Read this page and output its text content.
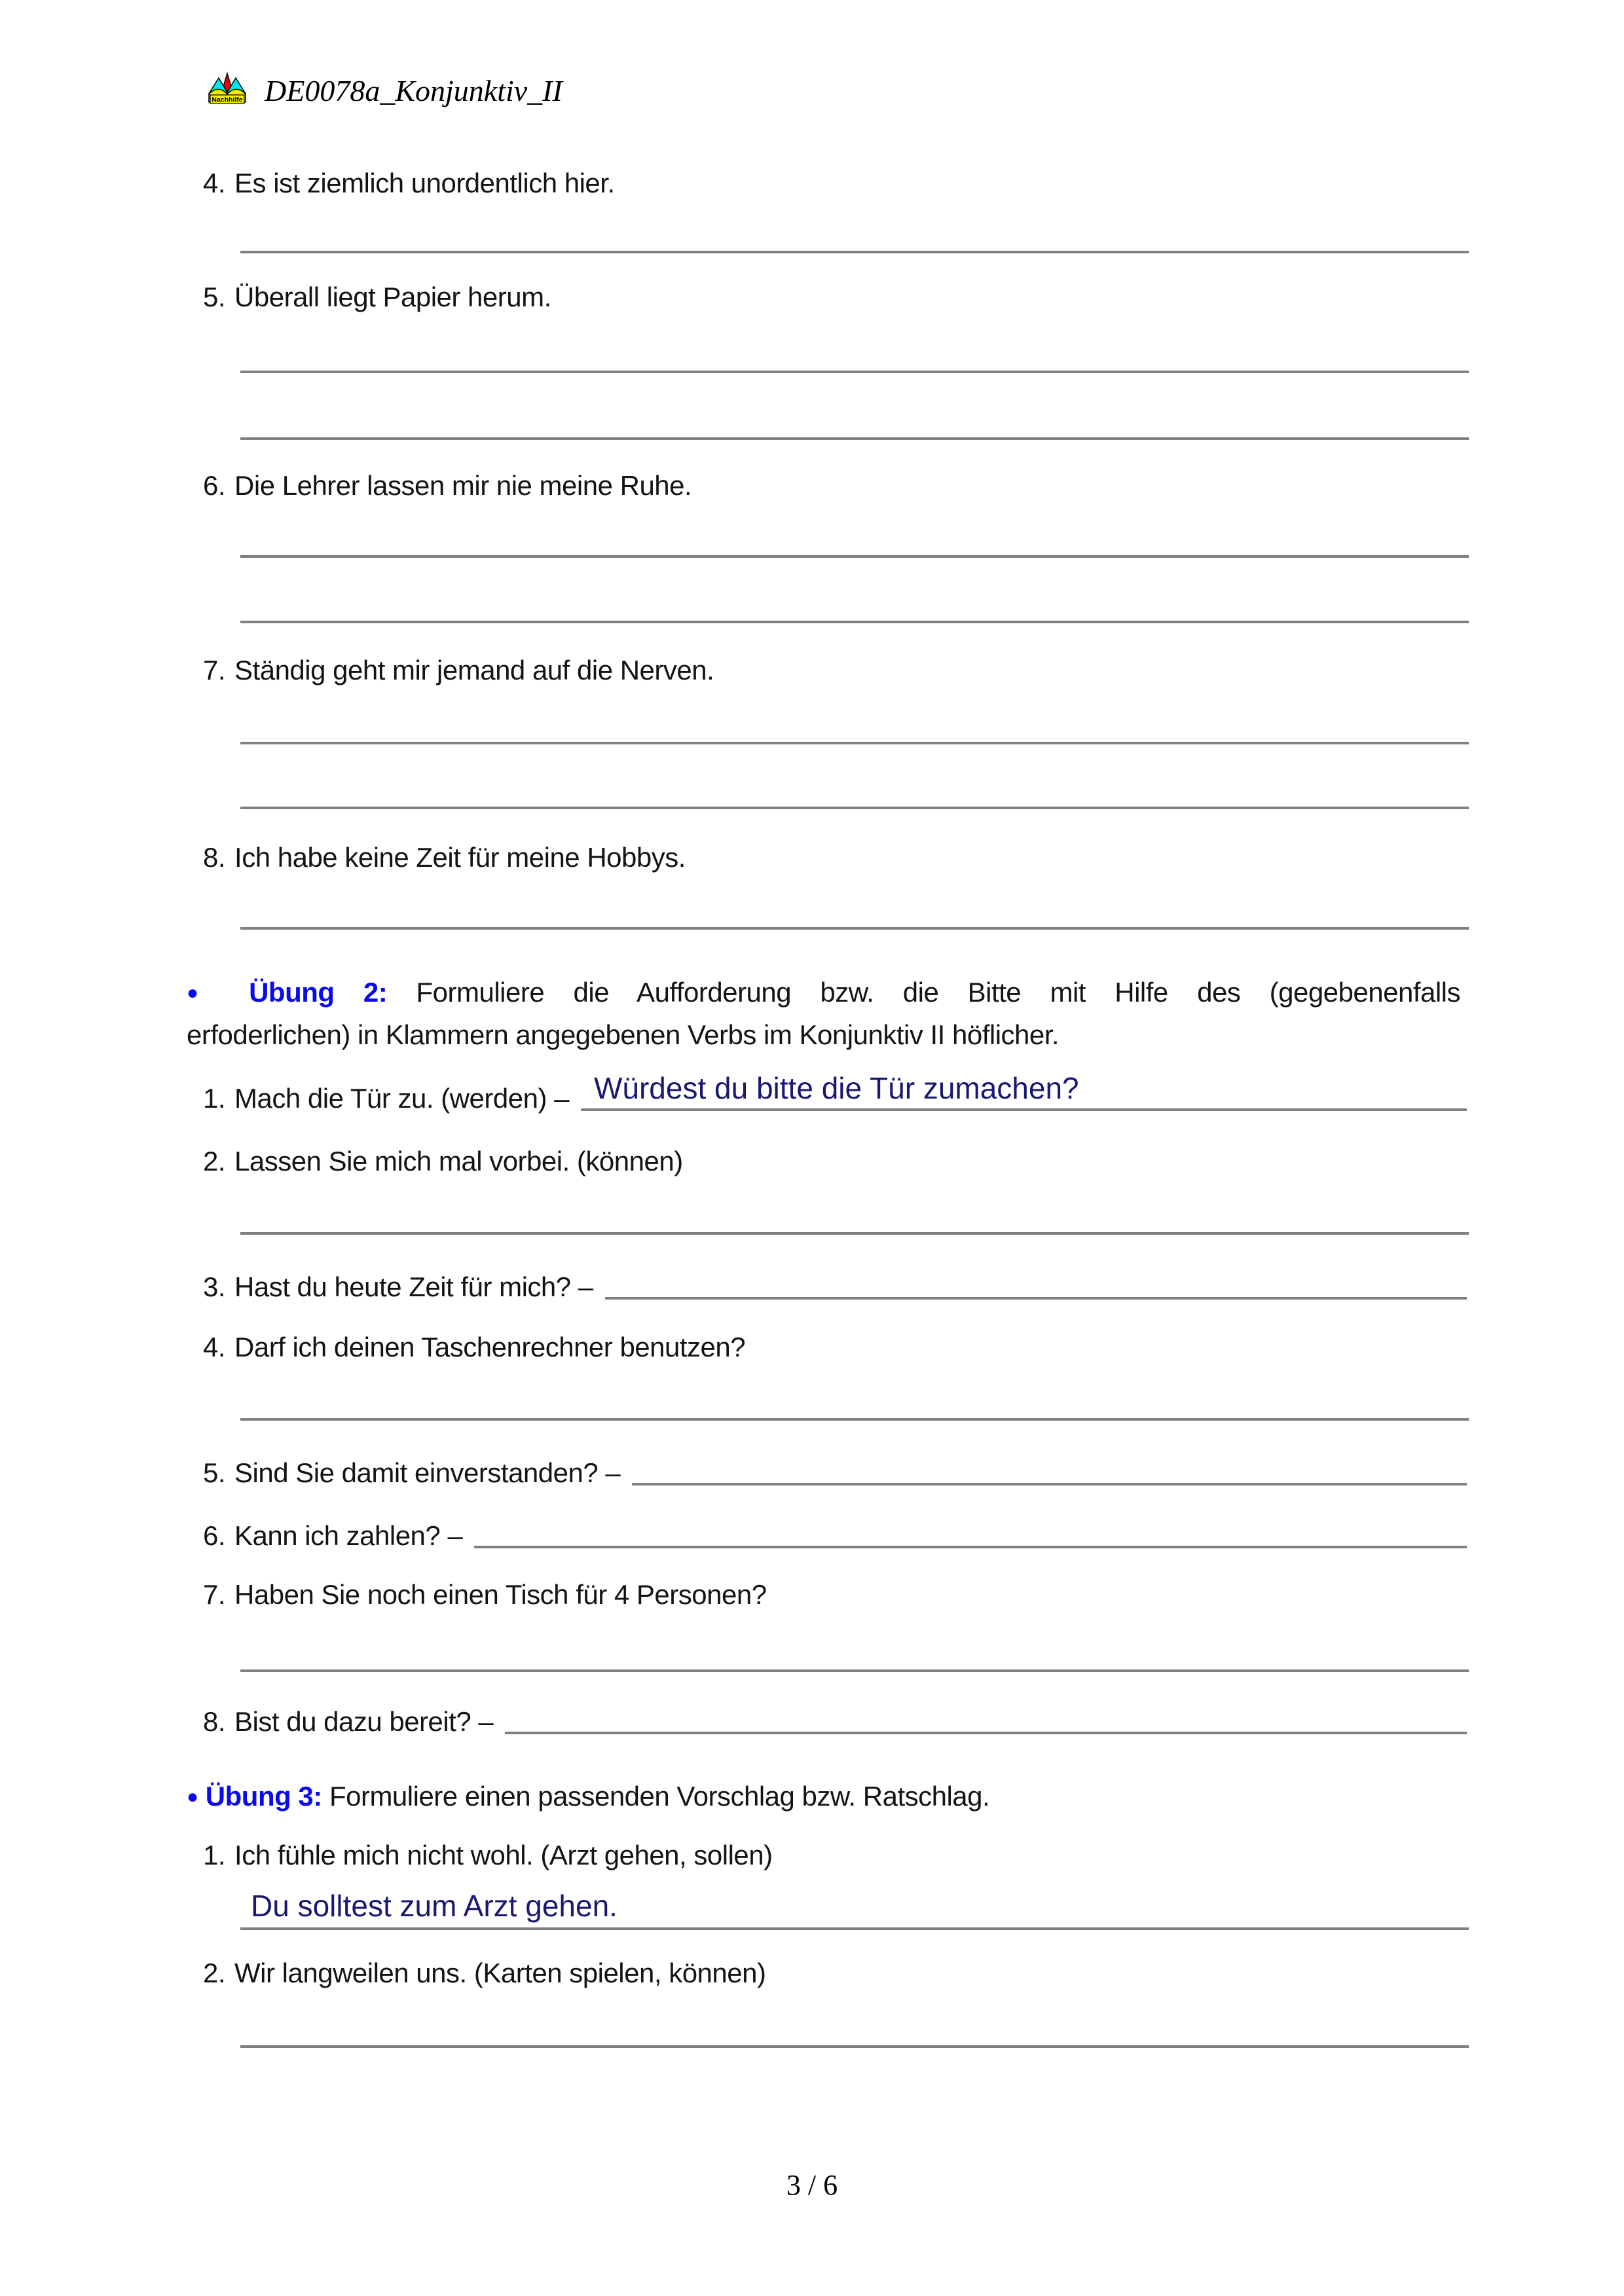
Nachhilfe DE0078a_Konjunktiv_II
4. Es ist ziemlich unordentlich hier.
5. Überall liegt Papier herum.
6. Die Lehrer lassen mir nie meine Ruhe.
7. Ständig geht mir jemand auf die Nerven.
8. Ich habe keine Zeit für meine Hobbys.
● Übung 2: Formuliere die Aufforderung bzw. die Bitte mit Hilfe des (gegebenenfalls
erfoderlichen) in Klammern angegebenen Verbs im Konjunktiv II höflicher.
1. Mach die Tür zu. (werden) – Würdest du bitte die Tür zumachen?
2. Lassen Sie mich mal vorbei. (können)
3. Hast du heute Zeit für mich? –
4. Darf ich deinen Taschenrechner benutzen?
5. Sind Sie damit einverstanden? –
6. Kann ich zahlen? –
7. Haben Sie noch einen Tisch für 4 Personen?
8. Bist du dazu bereit? –
● Übung 3: Formuliere einen passenden Vorschlag bzw. Ratschlag.
1. Ich fühle mich nicht wohl. (Arzt gehen, sollen)
Du solltest zum Arzt gehen.
2. Wir langweilen uns. (Karten spielen, können)
3 / 6
